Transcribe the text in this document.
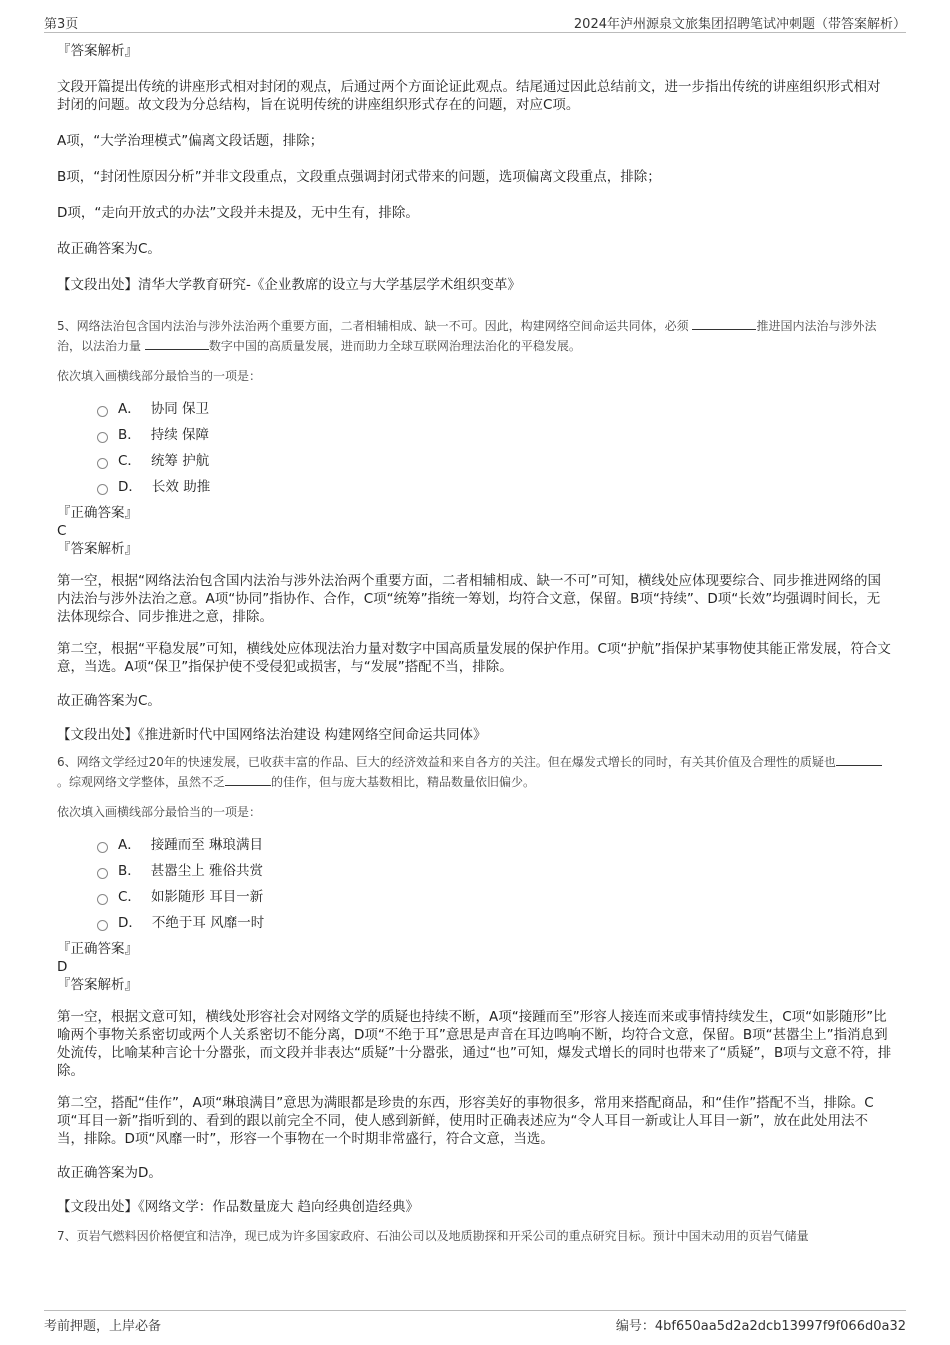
第3页	2024年泸州源泉文旅集团招聘笔试冲刺题（带答案解析）

『答案解析』

文段开篇提出传统的讲座形式相对封闭的观点，后通过两个方面论证此观点。结尾通过因此总结前文，进一步指出传统的讲座组织形式相对封闭的问题。故文段为分总结构，旨在说明传统的讲座组织形式存在的问题，对应C项。

A项，“大学治理模式”偏离文段话题，排除；

B项，“封闭性原因分析”并非文段重点，文段重点强调封闭式带来的问题，选项偏离文段重点，排除；

D项，“走向开放式的办法”文段并未提及，无中生有，排除。

故正确答案为C。

【文段出处】清华大学教育研究-《企业教席的设立与大学基层学术组织变革》

5、网络法治包含国内法治与涉外法治两个重要方面，二者相辅相成、缺一不可。因此，构建网络空间命运共同体，必须	推进国内法治与涉外法治，以法治力量	数字中国的高质量发展，进而助力全球互联网治理法治化的平稳发展。

依次填入画横线部分最恰当的一项是：

A． 协同 保卫
B． 持续 保障
C． 统筹 护航
D． 长效 助推

『正确答案』

C

『答案解析』

第一空，根据“网络法治包含国内法治与涉外法治两个重要方面，二者相辅相成、缺一不可”可知，横线处应体现要综合、同步推进网络的国内法治与涉外法治之意。A项“协同”指协作、合作，C项“统筹”指统一筹划，均符合文意，保留。B项“持续”、D项“长效”均强调时间长，无法体现综合、同步推进之意，排除。

第二空，根据“平稳发展”可知，横线处应体现法治力量对数字中国高质量发展的保护作用。C项“护航”指保护某事物使其能正常发展，符合文意，当选。A项“保卫”指保护使不受侵犯或损害，与“发展”搭配不当，排除。

故正确答案为C。

【文段出处】《推进新时代中国网络法治建设 构建网络空间命运共同体》

6、网络文学经过20年的快速发展，已收获丰富的作品、巨大的经济效益和来自各方的关注。但在爆发式增长的同时，有关其价值及合理性的质疑也。综观网络文学整体，虽然不乏	的佳作，但与庞大基数相比，精品数量依旧偏少。

依次填入画横线部分最恰当的一项是：

A． 接踵而至 琳琅满目
B． 甚嚣尘上 雅俗共赏
C． 如影随形 耳目一新
D． 不绝于耳 风靡一时

『正确答案』

D

『答案解析』

第一空，根据文意可知，横线处形容社会对网络文学的质疑也持续不断，A项“接踵而至”形容人接连而来或事情持续发生，C项“如影随形”比喻两个事物关系密切或两个人关系密切不能分离，D项“不绝于耳”意思是声音在耳边鸣响不断，均符合文意，保留。B项“甚嚣尘上”指消息到处流传，比喻某种言论十分嚣张，而文段并非表达“质疑”十分嚣张，通过“也”可知，爆发式增长的同时也带来了“质疑”，B项与文意不符，排除。

第二空，搭配“佳作”，A项“琳琅满目”意思为满眼都是珍贵的东西，形容美好的事物很多，常用来搭配商品，和“佳作”搭配不当，排除。C项“耳目一新”指听到的、看到的跟以前完全不同，使人感到新鲜，使用时正确表述应为“令人耳目一新或让人耳目一新”，放在此处用法不当，排除。D项“风靡一时”，形容一个事物在一个时期非常盛行，符合文意，当选。

故正确答案为D。

【文段出处】《网络文学：作品数量庞大 趋向经典创造经典》

7、页岩气燃料因价格便宜和洁净，现已成为许多国家政府、石油公司以及地质勘探和开采公司的重点研究目标。预计中国未动用的页岩气储量

考前押题，上岸必备	编号：4bf650aa5d2a2dcb13997f9f066d0a32
